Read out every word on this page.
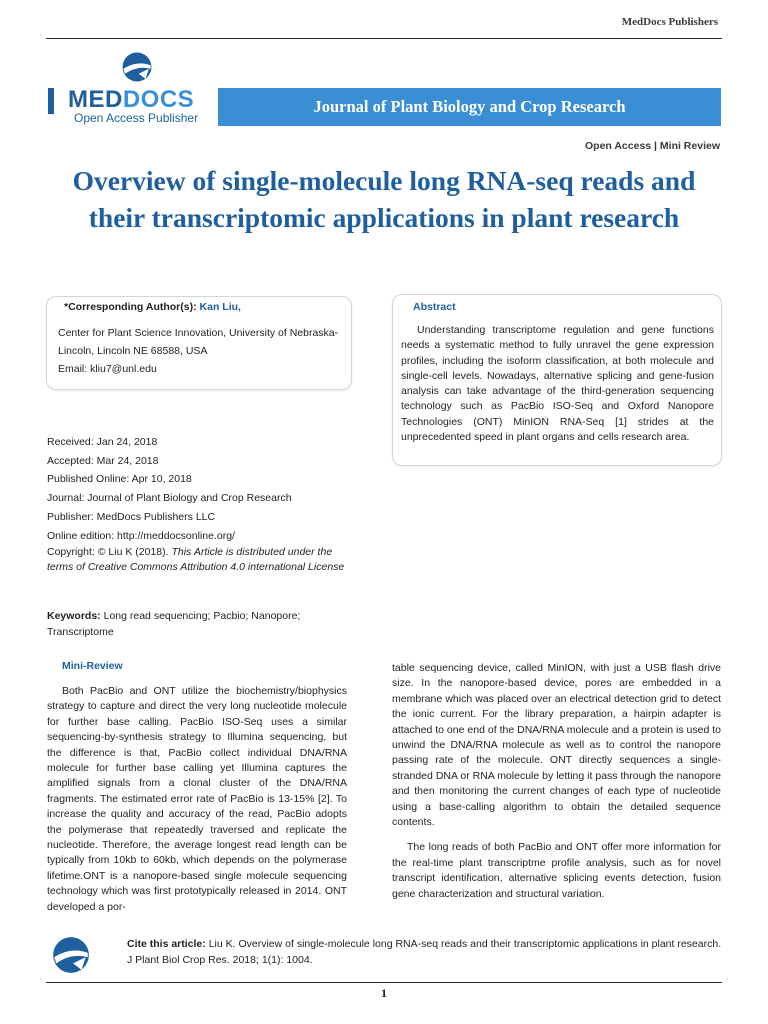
MedDocs Publishers
MEDDOCS
Open Access Publisher
Journal of Plant Biology and Crop Research
Open Access | Mini Review
Overview of single-molecule long RNA-seq reads and their transcriptomic applications in plant research
*Corresponding Author(s): Kan Liu,
Center for Plant Science Innovation, University of Nebraska-Lincoln, Lincoln NE 68588, USA
Email: kliu7@unl.edu
Abstract
Understanding transcriptome regulation and gene functions needs a systematic method to fully unravel the gene expression profiles, including the isoform classification, at both molecule and single-cell levels. Nowadays, alternative splicing and gene-fusion analysis can take advantage of the third-generation sequencing technology such as PacBio ISO-Seq and Oxford Nanopore Technologies (ONT) MinION RNA-Seq [1] strides at the unprecedented speed in plant organs and cells research area.
Received: Jan 24, 2018
Accepted: Mar 24, 2018
Published Online: Apr 10, 2018
Journal: Journal of Plant Biology and Crop Research
Publisher: MedDocs Publishers LLC
Online edition: http://meddocsonline.org/
Copyright: © Liu K (2018). This Article is distributed under the terms of Creative Commons Attribution 4.0 international License
Keywords: Long read sequencing; Pacbio; Nanopore; Transcriptome
Mini-Review

Both PacBio and ONT utilize the biochemistry/biophysics strategy to capture and direct the very long nucleotide molecule for further base calling. PacBio ISO-Seq uses a similar sequencing-by-synthesis strategy to Illumina sequencing, but the difference is that, PacBio collect individual DNA/RNA molecule for further base calling yet Illumina captures the amplified signals from a clonal cluster of the DNA/RNA fragments. The estimated error rate of PacBio is 13-15% [2]. To increase the quality and accuracy of the read, PacBio adopts the polymerase that repeatedly traversed and replicate the nucleotide. Therefore, the average longest read length can be typically from 10kb to 60kb, which depends on the polymerase lifetime.ONT is a nanopore-based single molecule sequencing technology which was first prototypically released in 2014. ONT developed a por-

table sequencing device, called MinION, with just a USB flash drive size. In the nanopore-based device, pores are embedded in a membrane which was placed over an electrical detection grid to detect the ionic current. For the library preparation, a hairpin adapter is attached to one end of the DNA/RNA molecule and a protein is used to unwind the DNA/RNA molecule as well as to control the nanopore passing rate of the molecule. ONT directly sequences a single-stranded DNA or RNA molecule by letting it pass through the nanopore and then monitoring the current changes of each type of nucleotide using a base-calling algorithm to obtain the detailed sequence contents.

The long reads of both PacBio and ONT offer more information for the real-time plant transcriptme profile analysis, such as for novel transcript identification, alternative splicing events detection, fusion gene characterization and structural variation.

Cite this article: Liu K. Overview of single-molecule long RNA-seq reads and their transcriptomic applications in plant research. J Plant Biol Crop Res. 2018; 1(1): 1004.
1
